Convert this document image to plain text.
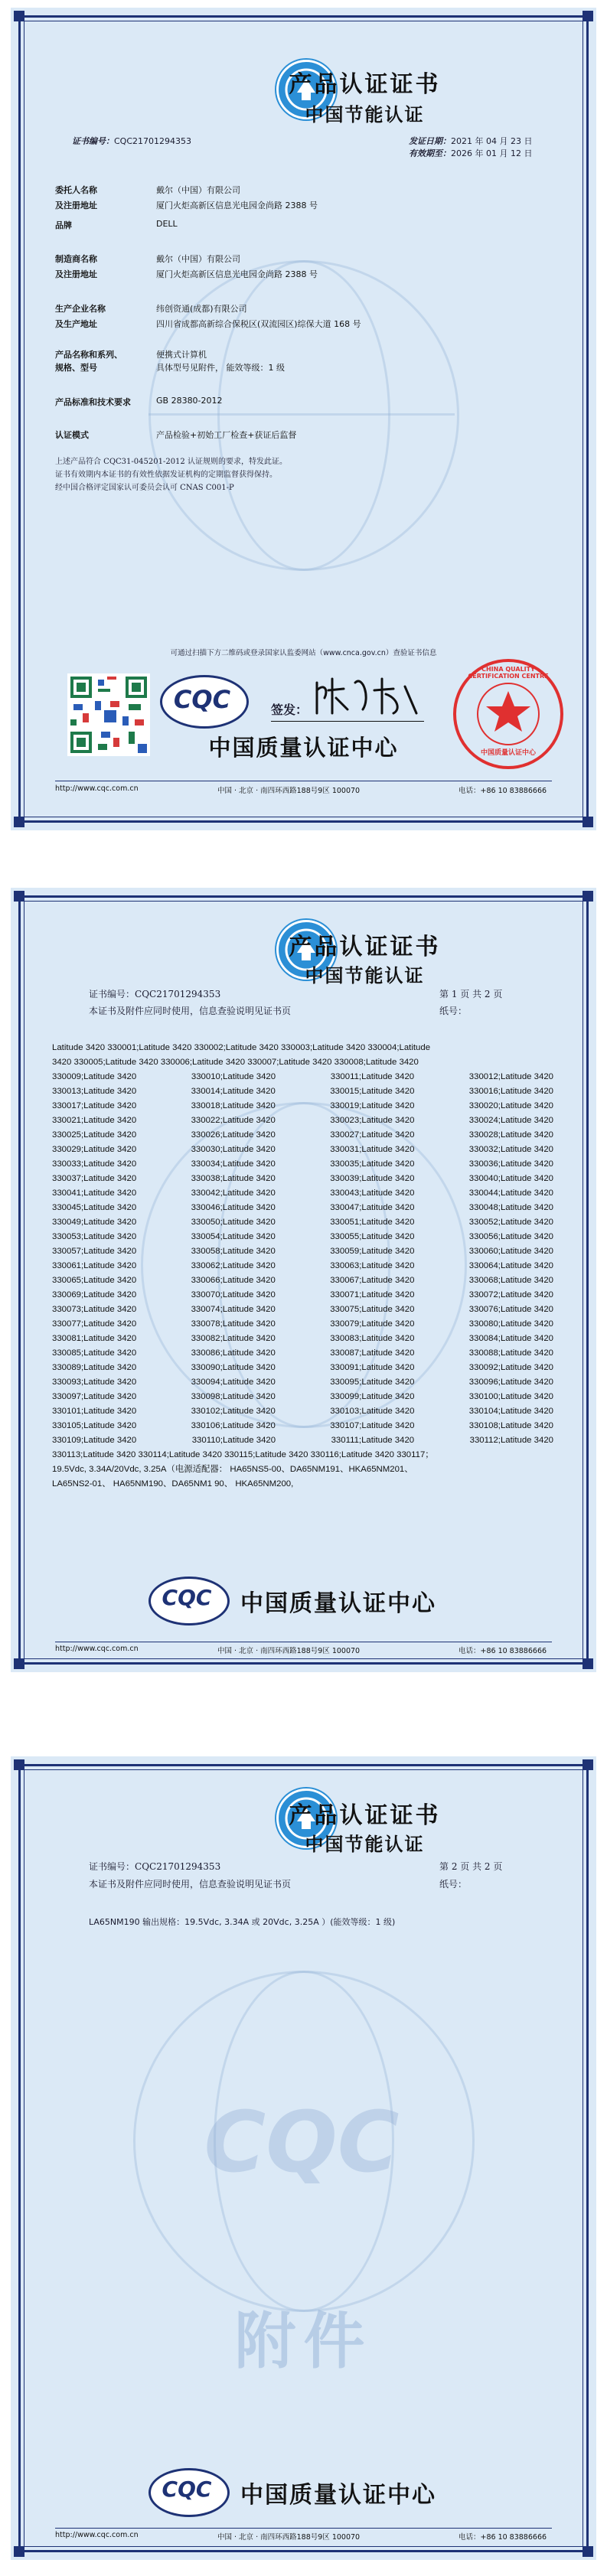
产品认证证书
中国节能认证
证书编号：CQC21701294353	发证日期：2021 年 04 月 23 日
有效期至：2026 年 01 月 12 日
委托人名称	戴尔（中国）有限公司
及注册地址	厦门火炬高新区信息光电园金尚路 2388 号
品牌	DELL
制造商名称	戴尔（中国）有限公司
及注册地址	厦门火炬高新区信息光电园金尚路 2388 号
生产企业名称	纬创资通(成都)有限公司
及生产地址	四川省成都高新综合保税区(双流园区)综保大道 168 号
产品名称和系列、	便携式计算机
规格、型号	具体型号见附件， 能效等级：1 级
产品标准和技术要求	GB 28380-2012
认证模式	产品检验+初始工厂检查+获证后监督
上述产品符合 CQC31-045201-2012 认证规则的要求，特发此证。
证书有效期内本证书的有效性依据发证机构的定期监督获得保持。
经中国合格评定国家认可委员会认可 CNAS C001-P
可通过扫描下方二维码或登录国家认监委网站（www.cnca.gov.cn）查验证书信息
CQC	签发：
CHINA QUALITY CERTIFICATION CENTRE
中国质量认证中心
中国质量认证中心
http://www.cqc.com.cn	中国 · 北京 · 南四环西路188号9区 100070	电话：+86 10 83886666
产品认证证书
中国节能认证
证书编号：CQC21701294353	第 1 页 共 2 页
本证书及附件应同时使用，信息查验说明见证书页	纸号：
Latitude 3420 330001;Latitude 3420 330002;Latitude 3420 330003;Latitude 3420 330004;Latitude
3420 330005;Latitude 3420 330006;Latitude 3420 330007;Latitude 3420 330008;Latitude 3420
330009;Latitude 3420	330010;Latitude 3420	330011;Latitude 3420	330012;Latitude 3420
330013;Latitude 3420	330014;Latitude 3420	330015;Latitude 3420	330016;Latitude 3420
330017;Latitude 3420	330018;Latitude 3420	330019;Latitude 3420	330020;Latitude 3420
330021;Latitude 3420	330022;Latitude 3420	330023;Latitude 3420	330024;Latitude 3420
330025;Latitude 3420	330026;Latitude 3420	330027;Latitude 3420	330028;Latitude 3420
330029;Latitude 3420	330030;Latitude 3420	330031;Latitude 3420	330032;Latitude 3420
330033;Latitude 3420	330034;Latitude 3420	330035;Latitude 3420	330036;Latitude 3420
330037;Latitude 3420	330038;Latitude 3420	330039;Latitude 3420	330040;Latitude 3420
330041;Latitude 3420	330042;Latitude 3420	330043;Latitude 3420	330044;Latitude 3420
330045;Latitude 3420	330046;Latitude 3420	330047;Latitude 3420	330048;Latitude 3420
330049;Latitude 3420	330050;Latitude 3420	330051;Latitude 3420	330052;Latitude 3420
330053;Latitude 3420	330054;Latitude 3420	330055;Latitude 3420	330056;Latitude 3420
330057;Latitude 3420	330058;Latitude 3420	330059;Latitude 3420	330060;Latitude 3420
330061;Latitude 3420	330062;Latitude 3420	330063;Latitude 3420	330064;Latitude 3420
330065;Latitude 3420	330066;Latitude 3420	330067;Latitude 3420	330068;Latitude 3420
330069;Latitude 3420	330070;Latitude 3420	330071;Latitude 3420	330072;Latitude 3420
330073;Latitude 3420	330074;Latitude 3420	330075;Latitude 3420	330076;Latitude 3420
330077;Latitude 3420	330078;Latitude 3420	330079;Latitude 3420	330080;Latitude 3420
330081;Latitude 3420	330082;Latitude 3420	330083;Latitude 3420	330084;Latitude 3420
330085;Latitude 3420	330086;Latitude 3420	330087;Latitude 3420	330088;Latitude 3420
330089;Latitude 3420	330090;Latitude 3420	330091;Latitude 3420	330092;Latitude 3420
330093;Latitude 3420	330094;Latitude 3420	330095;Latitude 3420	330096;Latitude 3420
330097;Latitude 3420	330098;Latitude 3420	330099;Latitude 3420	330100;Latitude 3420
330101;Latitude 3420	330102;Latitude 3420	330103;Latitude 3420	330104;Latitude 3420
330105;Latitude 3420	330106;Latitude 3420	330107;Latitude 3420	330108;Latitude 3420
330109;Latitude 3420	330110;Latitude 3420	330111;Latitude 3420	330112;Latitude 3420
330113;Latitude 3420 330114;Latitude 3420 330115;Latitude 3420 330116;Latitude 3420 330117；
19.5Vdc, 3.34A/20Vdc, 3.25A（电源适配器： HA65NS5-00、DA65NM191、HKA65NM201、
LA65NS2-01、 HA65NM190、DA65NM1 90、 HKA65NM200,
CQC	中国质量认证中心
http://www.cqc.com.cn	中国 · 北京 · 南四环西路188号9区 100070	电话：+86 10 83886666
CQC
附件
产品认证证书
中国节能认证
证书编号：CQC21701294353	第 2 页 共 2 页
本证书及附件应同时使用，信息查验说明见证书页	纸号：
LA65NM190 输出规格：19.5Vdc, 3.34A 或 20Vdc, 3.25A ）(能效等级：1 级)
CQC	中国质量认证中心
http://www.cqc.com.cn	中国 · 北京 · 南四环西路188号9区 100070	电话：+86 10 83886666
